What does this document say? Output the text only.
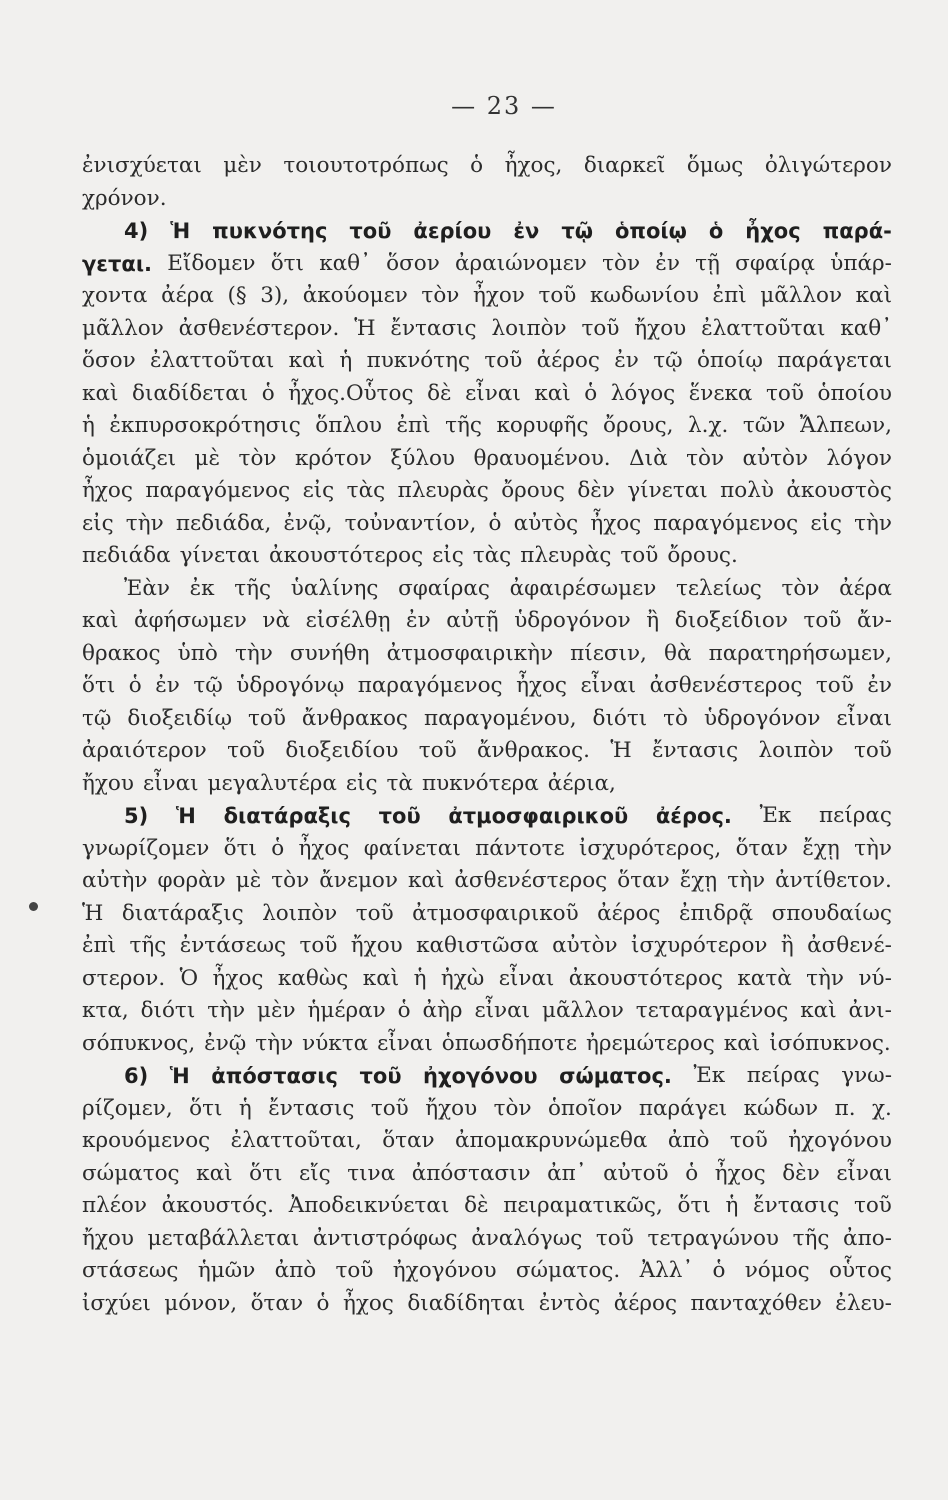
— 23 —
ἐνισχύεται μὲν τοιουτοτρόπως ὁ ἦχος, διαρκεῖ ὅμως ὀλιγώτερον
χρόνον.
4) Ἡ πυκνότης τοῦ ἀερίου ἐν τῷ ὁποίῳ ὁ ἦχος παρά-
γεται. Εἴδομεν ὅτι καθ᾽ ὅσον ἀραιώνομεν τὸν ἐν τῇ σφαίρᾳ ὑπάρ-
χοντα ἀέρα (§ 3), ἀκούομεν τὸν ἦχον τοῦ κωδωνίου ἐπὶ μᾶλλον καὶ
μᾶλλον ἀσθενέστερον. Ἡ ἔντασις λοιπὸν τοῦ ἤχου ἐλαττοῦται καθ᾽
ὅσον ἐλαττοῦται καὶ ἡ πυκνότης τοῦ ἀέρος ἐν τῷ ὁποίῳ παράγεται
καὶ διαδίδεται ὁ ἦχος.Οὗτος δὲ εἶναι καὶ ὁ λόγος ἕνεκα τοῦ ὁποίου
ἡ ἐκπυρσοκρότησις ὅπλου ἐπὶ τῆς κορυφῆς ὄρους, λ.χ. τῶν Ἄλπεων,
ὁμοιάζει μὲ τὸν κρότον ξύλου θραυομένου. Διὰ τὸν αὐτὸν λόγον
ἦχος παραγόμενος εἰς τὰς πλευρὰς ὄρους δὲν γίνεται πολὺ ἀκουστὸς
εἰς τὴν πεδιάδα, ἐνῷ, τοὐναντίον, ὁ αὐτὸς ἦχος παραγόμενος εἰς τὴν
πεδιάδα γίνεται ἀκουστότερος εἰς τὰς πλευρὰς τοῦ ὄρους.
Ἐὰν ἐκ τῆς ὑαλίνης σφαίρας ἀφαιρέσωμεν τελείως τὸν ἀέρα
καὶ ἀφήσωμεν νὰ εἰσέλθῃ ἐν αὐτῇ ὑδρογόνον ἢ διοξείδιον τοῦ ἄν-
θρακος ὑπὸ τὴν συνήθη ἀτμοσφαιρικὴν πίεσιν, θὰ παρατηρήσωμεν,
ὅτι ὁ ἐν τῷ ὑδρογόνῳ παραγόμενος ἦχος εἶναι ἀσθενέστερος τοῦ ἐν
τῷ διοξειδίῳ τοῦ ἄνθρακος παραγομένου, διότι τὸ ὑδρογόνον εἶναι
ἀραιότερον τοῦ διοξειδίου τοῦ ἄνθρακος. Ἡ ἔντασις λοιπὸν τοῦ
ἤχου εἶναι μεγαλυτέρα εἰς τὰ πυκνότερα ἀέρια,
5) Ἡ διατάραξις τοῦ ἀτμοσφαιρικοῦ ἀέρος. Ἐκ πείρας
γνωρίζομεν ὅτι ὁ ἦχος φαίνεται πάντοτε ἰσχυρότερος, ὅταν ἔχῃ τὴν
αὐτὴν φορὰν μὲ τὸν ἄνεμον καὶ ἀσθενέστερος ὅταν ἔχῃ τὴν ἀντίθετον.
Ἡ διατάραξις λοιπὸν τοῦ ἀτμοσφαιρικοῦ ἀέρος ἐπιδρᾷ σπουδαίως
ἐπὶ τῆς ἐντάσεως τοῦ ἤχου καθιστῶσα αὐτὸν ἰσχυρότερον ἢ ἀσθενέ-
στερον. Ὁ ἦχος καθὼς καὶ ἡ ἠχὼ εἶναι ἀκουστότερος κατὰ τὴν νύ-
κτα, διότι τὴν μὲν ἡμέραν ὁ ἀὴρ εἶναι μᾶλλον τεταραγμένος καὶ ἀνι-
σόπυκνος, ἐνῷ τὴν νύκτα εἶναι ὁπωσδήποτε ἠρεμώτερος καὶ ἰσόπυκνος.
6) Ἡ ἀπόστασις τοῦ ἠχογόνου σώματος. Ἐκ πείρας γνω-
ρίζομεν, ὅτι ἡ ἔντασις τοῦ ἤχου τὸν ὁποῖον παράγει κώδων π. χ.
κρουόμενος ἐλαττοῦται, ὅταν ἀπομακρυνώμεθα ἀπὸ τοῦ ἠχογόνου
σώματος καὶ ὅτι εἴς τινα ἀπόστασιν ἀπ᾽ αὐτοῦ ὁ ἦχος δὲν εἶναι
πλέον ἀκουστός. Ἀποδεικνύεται δὲ πειραματικῶς, ὅτι ἡ ἔντασις τοῦ
ἤχου μεταβάλλεται ἀντιστρόφως ἀναλόγως τοῦ τετραγώνου τῆς ἀπο-
στάσεως ἡμῶν ἀπὸ τοῦ ἠχογόνου σώματος. Ἀλλ᾽ ὁ νόμος οὗτος
ἰσχύει μόνον, ὅταν ὁ ἦχος διαδίδηται ἐντὸς ἀέρος πανταχόθεν ἐλευ-
